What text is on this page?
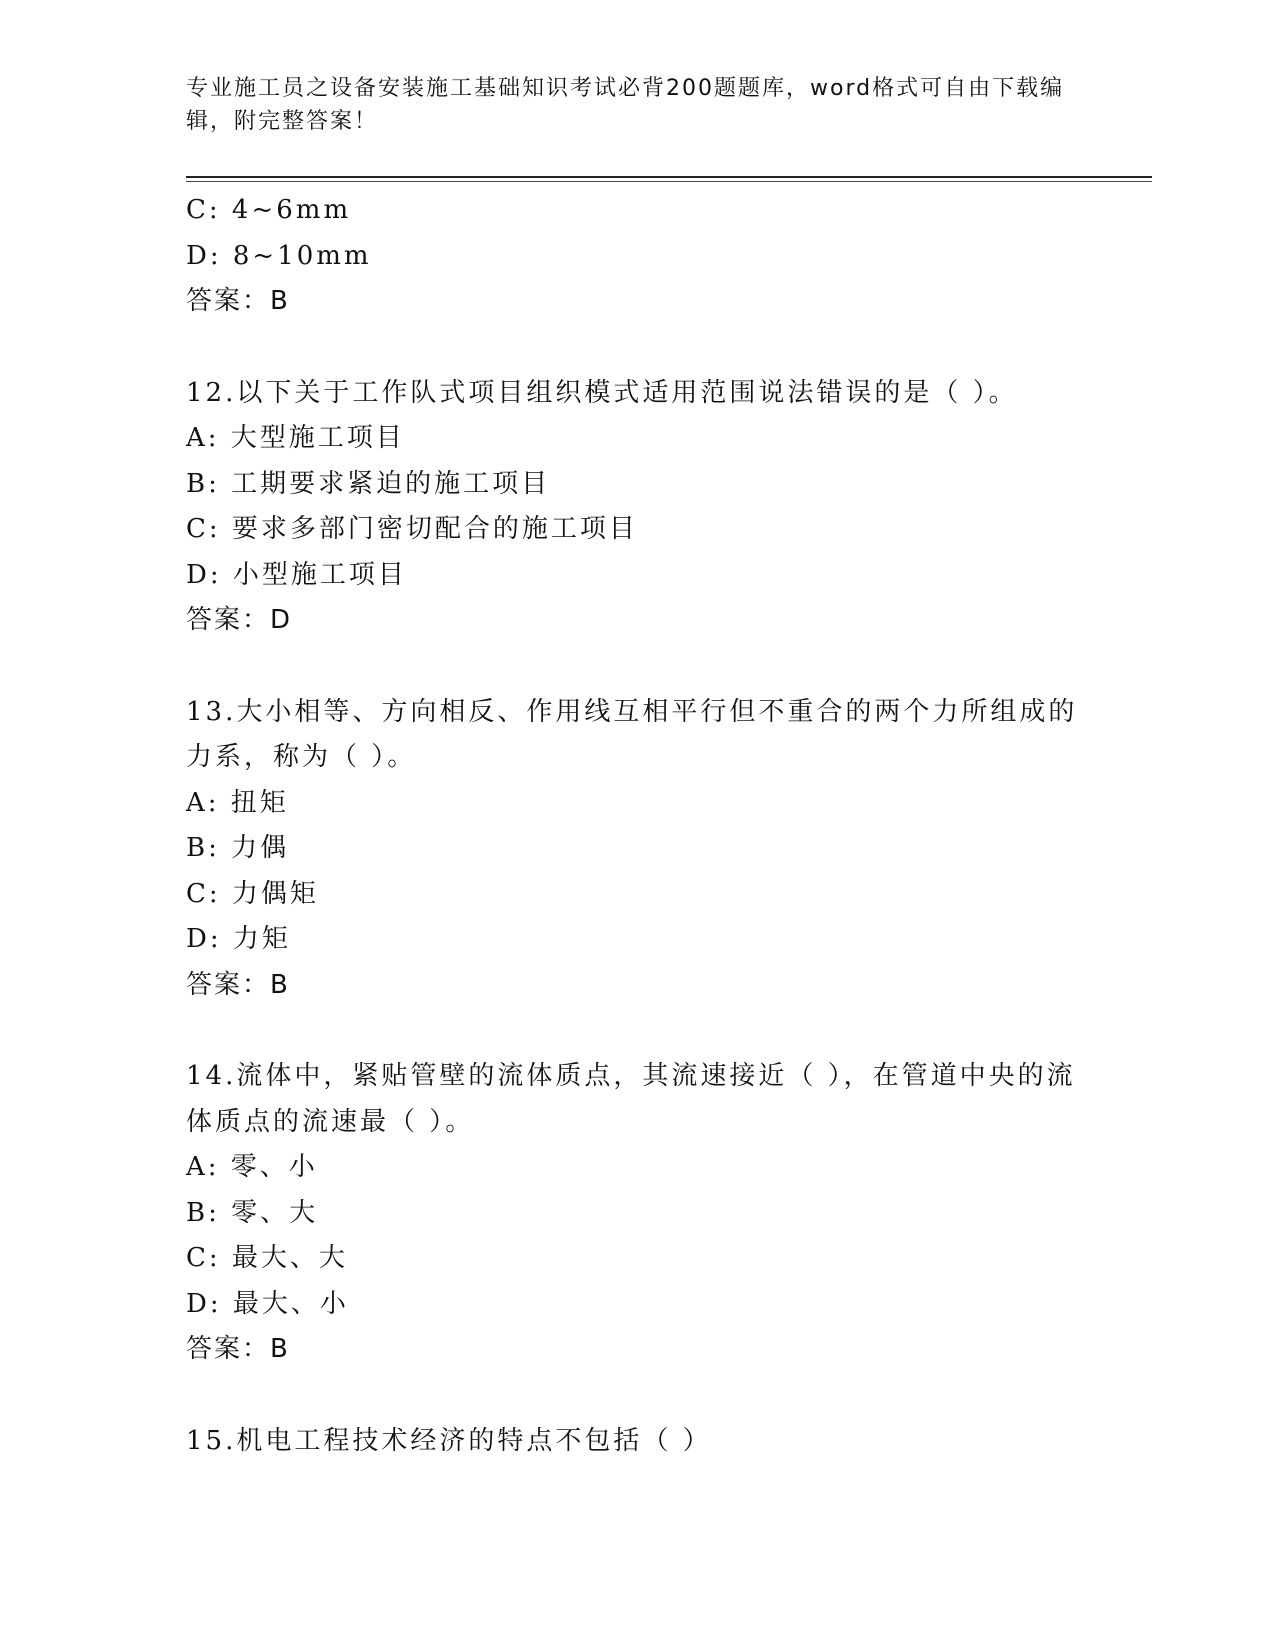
专业施工员之设备安装施工基础知识考试必背200题题库，word格式可自由下载编辑，附完整答案！
C: 4~6mm
D: 8~10mm
答案：B
12.以下关于工作队式项目组织模式适用范围说法错误的是（ ）。
A: 大型施工项目
B: 工期要求紧迫的施工项目
C: 要求多部门密切配合的施工项目
D: 小型施工项目
答案：D
13.大小相等、方向相反、作用线互相平行但不重合的两个力所组成的力系，称为（ ）。
A: 扭矩
B: 力偶
C: 力偶矩
D: 力矩
答案：B
14.流体中，紧贴管壁的流体质点，其流速接近（ ），在管道中央的流体质点的流速最（ ）。
A: 零、小
B: 零、大
C: 最大、大
D: 最大、小
答案：B
15.机电工程技术经济的特点不包括（ ）
